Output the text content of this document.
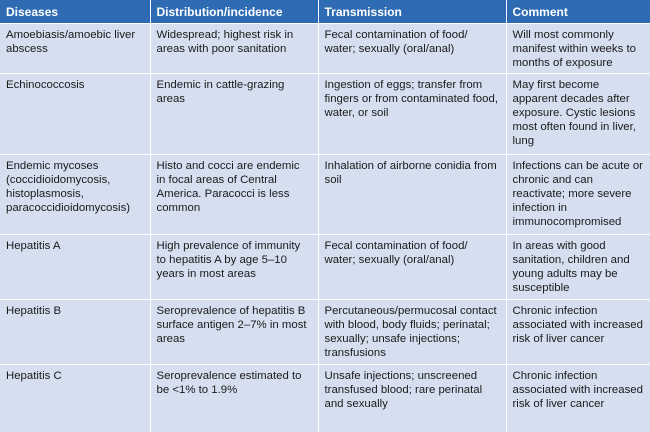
Diseases	Distribution/incidence	Transmission	Comment
Amoebiasis/amoebic liver abscess	Widespread; highest risk in areas with poor sanitation	Fecal contamination of food/ water; sexually (oral/anal)	Will most commonly manifest within weeks to months of exposure
Echinococcosis	Endemic in cattle-grazing areas	Ingestion of eggs; transfer from fingers or from contaminated food, water, or soil	May first become apparent decades after exposure. Cystic lesions most often found in liver, lung
Endemic mycoses (coccidioidomycosis, histoplasmosis, paracoccidioidomycosis)	Histo and cocci are endemic in focal areas of Central America. Paracocci is less common	Inhalation of airborne conidia from soil	Infections can be acute or chronic and can reactivate; more severe infection in immunocompromised
Hepatitis A	High prevalence of immunity to hepatitis A by age 5–10 years in most areas	Fecal contamination of food/ water; sexually (oral/anal)	In areas with good sanitation, children and young adults may be susceptible
Hepatitis B	Seroprevalence of hepatitis B surface antigen 2–7% in most areas	Percutaneous/permucosal contact with blood, body fluids; perinatal; sexually; unsafe injections; transfusions	Chronic infection associated with increased risk of liver cancer
Hepatitis C	Seroprevalence estimated to be <1% to 1.9%	Unsafe injections; unscreened transfused blood; rare perinatal and sexually	Chronic infection associated with increased risk of liver cancer
